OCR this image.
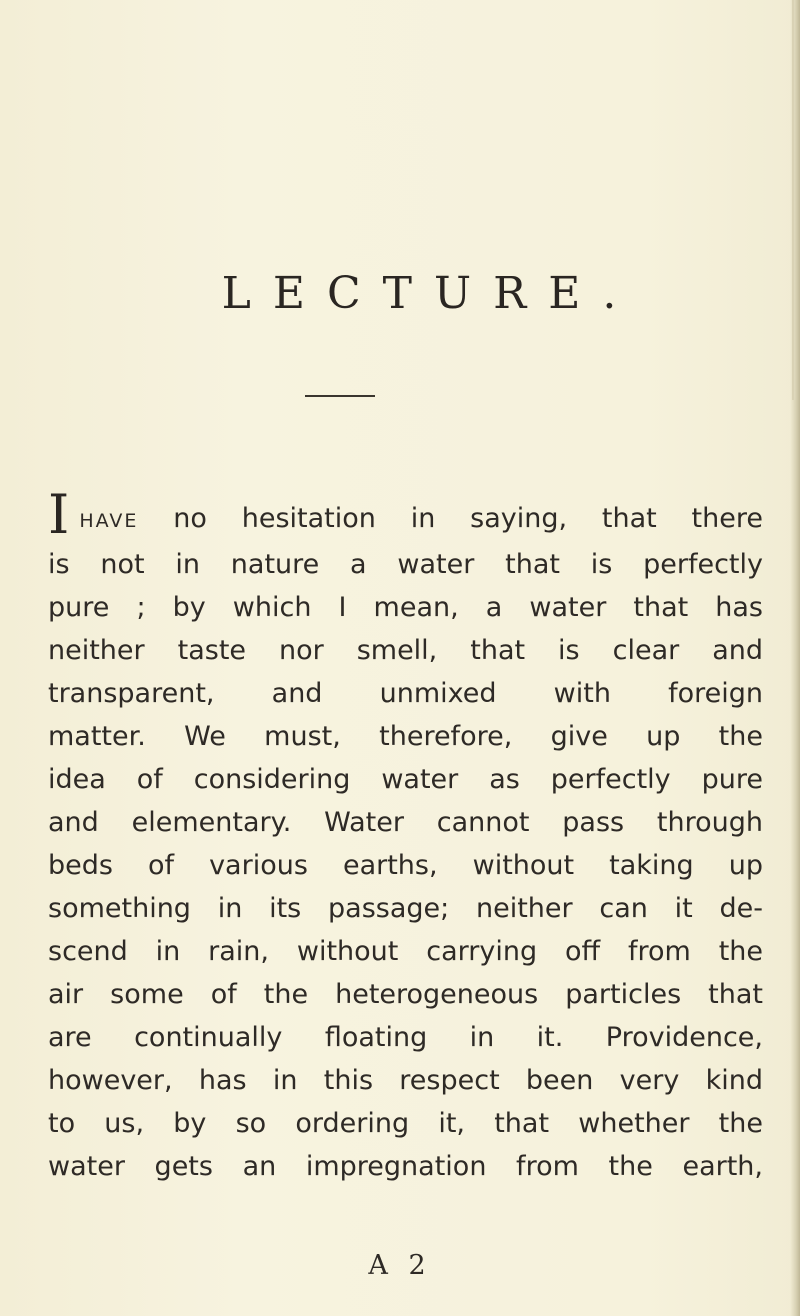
LECTURE.
IHAVE no hesitation in saying, that there
is not in nature a water that is perfectly
pure ; by which I mean, a water that has
neither taste nor smell, that is clear and
transparent, and unmixed with foreign
matter. We must, therefore, give up the
idea of considering water as perfectly pure
and elementary. Water cannot pass through
beds of various earths, without taking up
something in its passage; neither can it de-
scend in rain, without carrying off from the
air some of the heterogeneous particles that
are continually floating in it. Providence,
however, has in this respect been very kind
to us, by so ordering it, that whether the
water gets an impregnation from the earth,
A 2
